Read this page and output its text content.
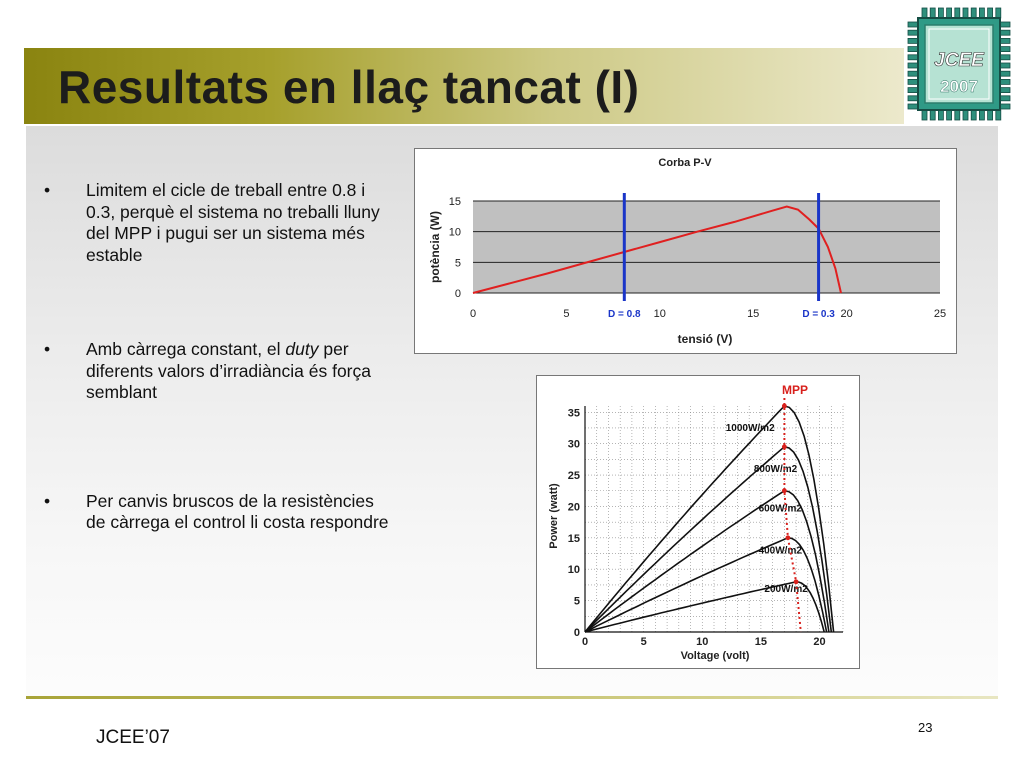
Resultats en llaç tancat (I)
JCEE
2007
• Limitem el cicle de treball entre 0.8 i 0.3, perquè el sistema no treballi lluny del MPP i pugui ser un sistema més estable
• Amb càrrega constant, el duty per diferents valors d’irradiància és força semblant
• Per canvis bruscos de la resistències de càrrega el control li costa respondre
Corba P-V
tensió (V)
potència (W)
0
5
10
15
0	5	10	15	20	25
D = 0.8	D = 0.3
Voltage (volt)
Power (watt)
MPP
0
5
10
15
20
25
30
35
0	5	10	15	20
1000W/m2
800W/m2
600W/m2
400W/m2
200W/m2
JCEE’07	23
